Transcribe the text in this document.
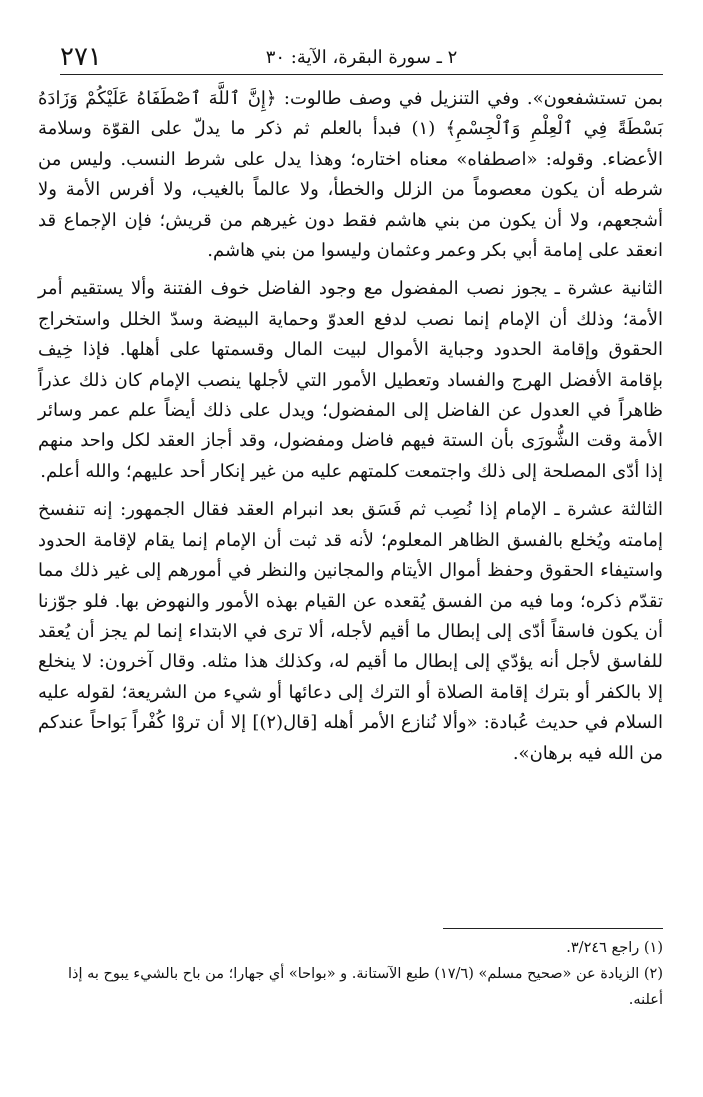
٢٧١	٢ ـ سورة البقرة، الآية: ٣٠

بمن تستشفعون». وفي التنزيل في وصف طالوت: ﴿إِنَّ ٱللَّهَ ٱصْطَفَاهُ عَلَيْكُمْ وَزَادَهُ بَسْطَةً فِي ٱلْعِلْمِ وَٱلْجِسْمِ﴾ (١) فبدأ بالعلم ثم ذكر ما يدلّ على القوّة وسلامة الأعضاء. وقوله: «اصطفاه» معناه اختاره؛ وهذا يدل على شرط النسب. وليس من شرطه أن يكون معصوماً من الزلل والخطأ، ولا عالماً بالغيب، ولا أفرس الأمة ولا أشجعهم، ولا أن يكون من بني هاشم فقط دون غيرهم من قريش؛ فإن الإجماع قد انعقد على إمامة أبي بكر وعمر وعثمان وليسوا من بني هاشم.

الثانية عشرة ـ يجوز نصب المفضول مع وجود الفاضل خوف الفتنة وألا يستقيم أمر الأمة؛ وذلك أن الإمام إنما نصب لدفع العدوّ وحماية البيضة وسدّ الخلل واستخراج الحقوق وإقامة الحدود وجباية الأموال لبيت المال وقسمتها على أهلها. فإذا خِيف بإقامة الأفضل الهرج والفساد وتعطيل الأمور التي لأجلها ينصب الإمام كان ذلك عذراً ظاهراً في العدول عن الفاضل إلى المفضول؛ ويدل على ذلك أيضاً علم عمر وسائر الأمة وقت الشُّورَى بأن الستة فيهم فاضل ومفضول، وقد أجاز العقد لكل واحد منهم إذا أدّى المصلحة إلى ذلك واجتمعت كلمتهم عليه من غير إنكار أحد عليهم؛ والله أعلم.

الثالثة عشرة ـ الإمام إذا نُصِب ثم فَسَق بعد انبرام العقد فقال الجمهور: إنه تنفسخ إمامته ويُخلع بالفسق الظاهر المعلوم؛ لأنه قد ثبت أن الإمام إنما يقام لإقامة الحدود واستيفاء الحقوق وحفظ أموال الأيتام والمجانين والنظر في أمورهم إلى غير ذلك مما تقدّم ذكره؛ وما فيه من الفسق يُقعده عن القيام بهذه الأمور والنهوض بها. فلو جوّزنا أن يكون فاسقاً أدّى إلى إبطال ما أقيم لأجله، ألا ترى في الابتداء إنما لم يجز أن يُعقد للفاسق لأجل أنه يؤدّي إلى إبطال ما أقيم له، وكذلك هذا مثله. وقال آخرون: لا ينخلع إلا بالكفر أو بترك إقامة الصلاة أو الترك إلى دعائها أو شيء من الشريعة؛ لقوله عليه السلام في حديث عُبادة: «وألا نُنازع الأمر أهله [قال(٢)] إلا أن تروْا كُفْراً بَواحاً عندكم من الله فيه برهان».

(١) راجع ٣/٢٤٦.

(٢) الزيادة عن «صحيح مسلم» (١٧/٦) طبع الآستانة. و «بواحا» أي جهارا؛ من باح بالشيء يبوح به إذا أعلنه.
